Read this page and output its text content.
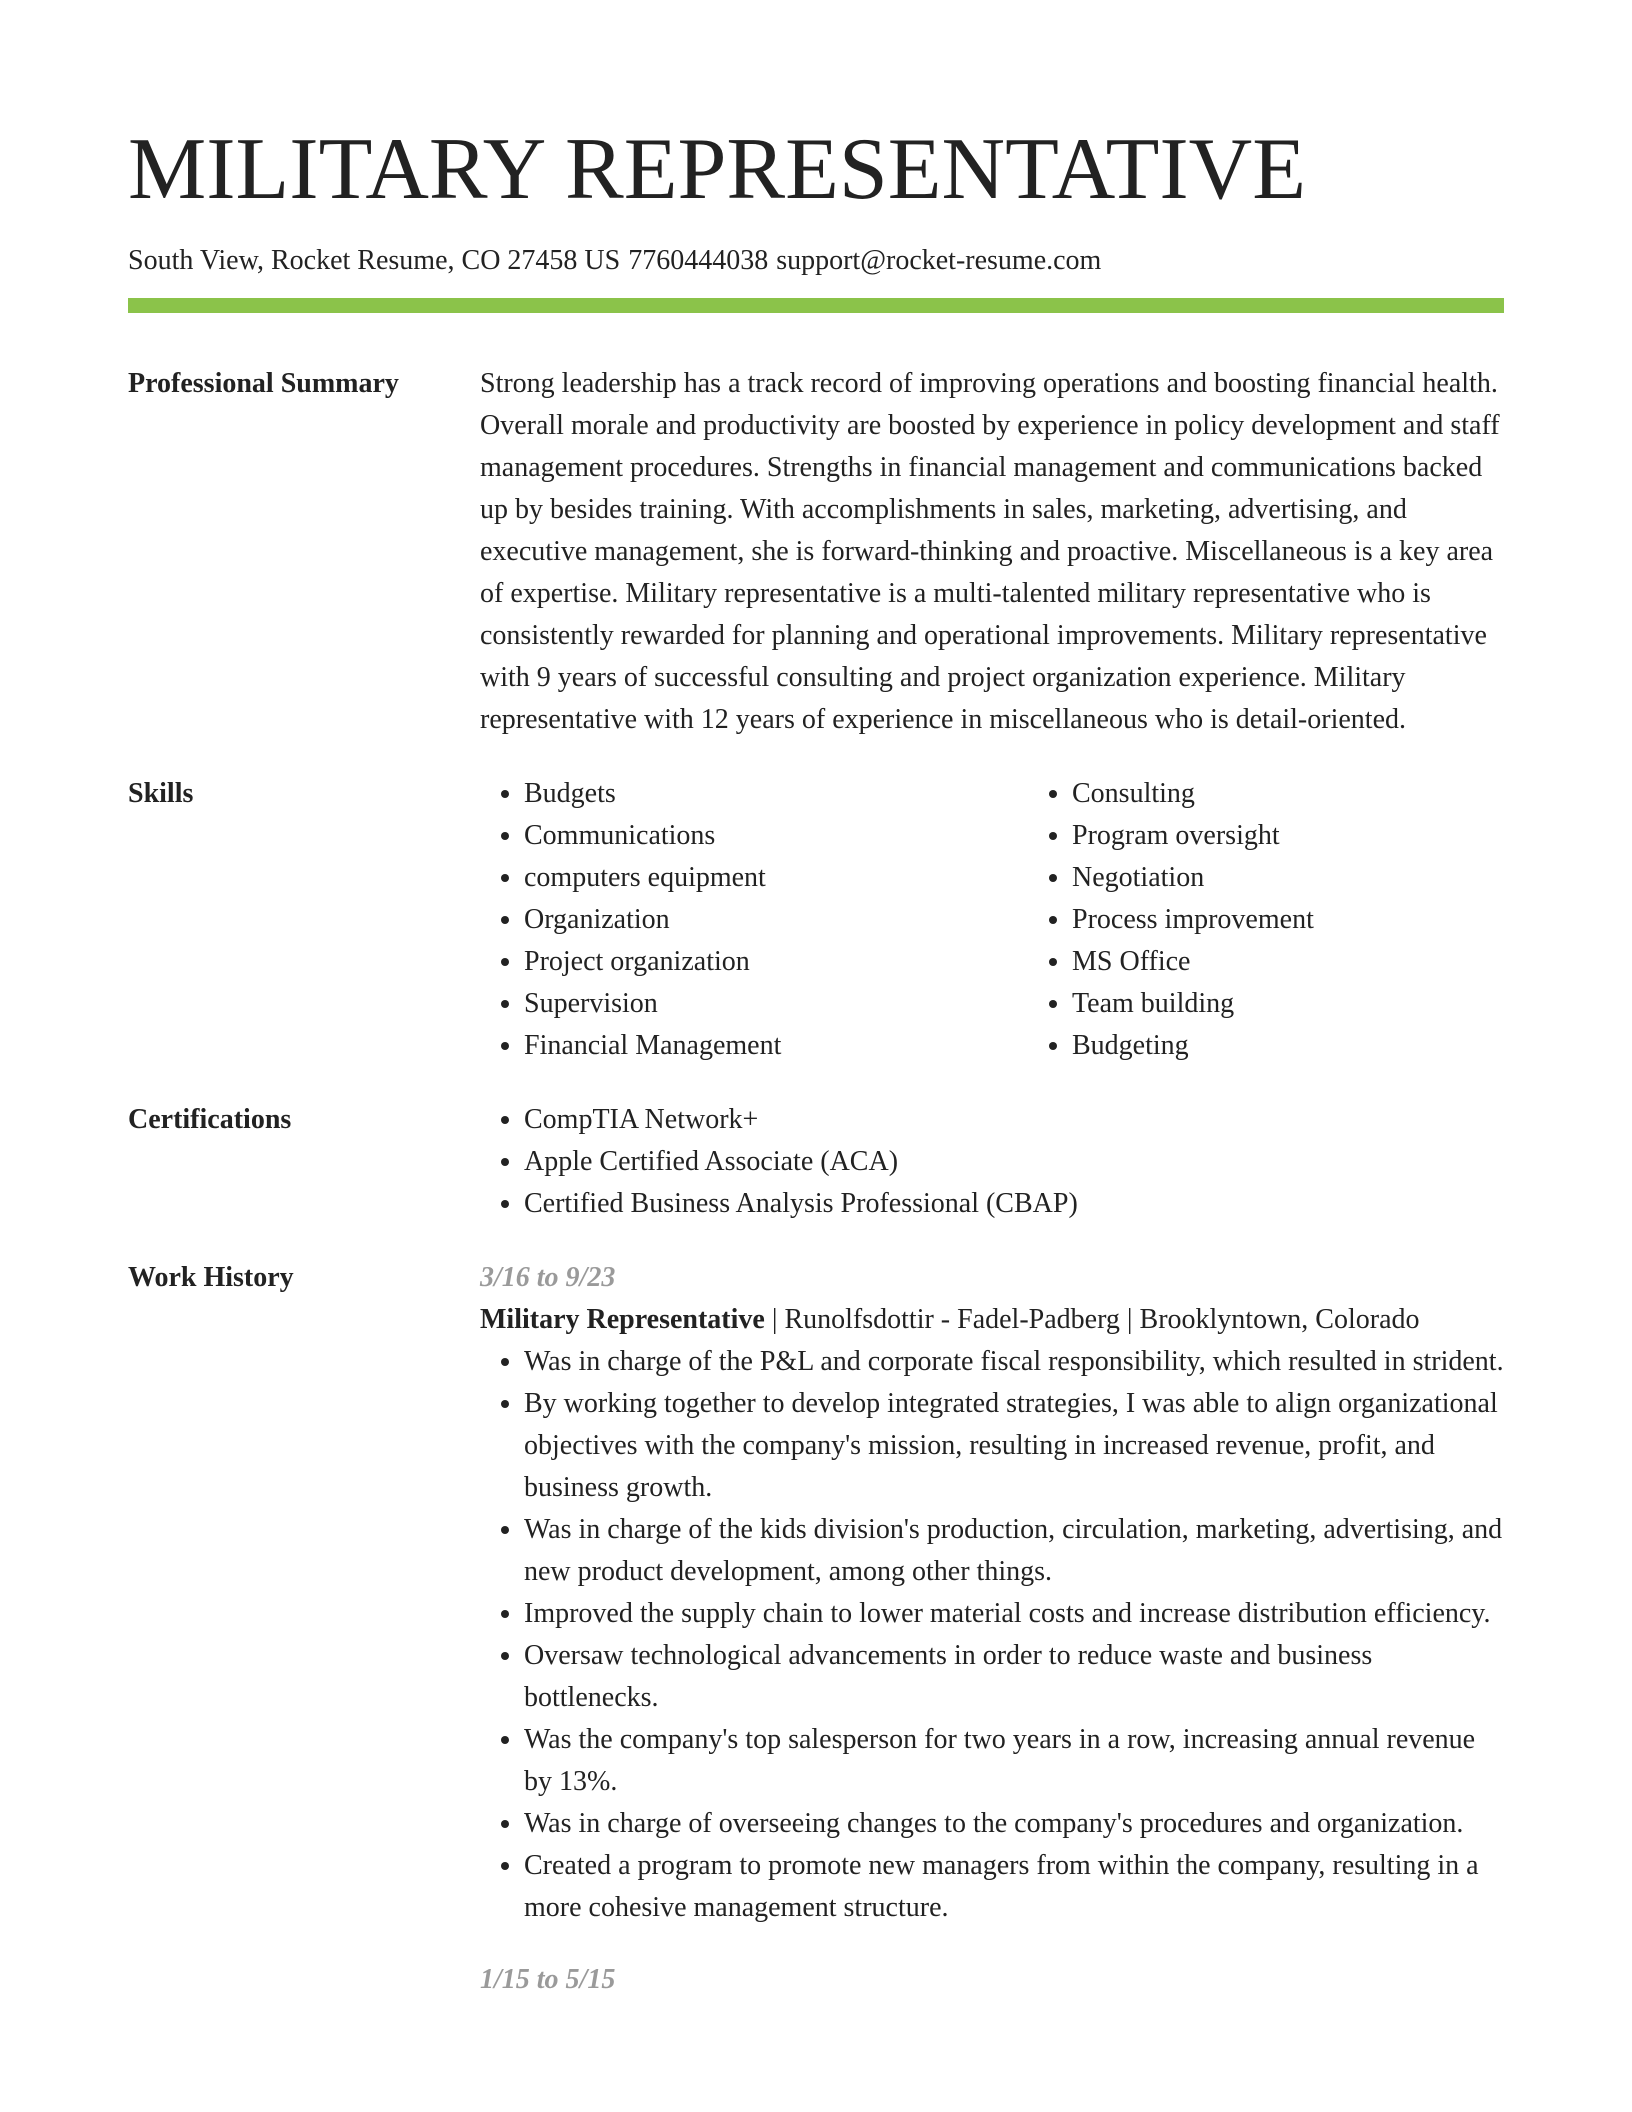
MILITARY REPRESENTATIVE
South View, Rocket Resume, CO 27458 US 7760444038 support@rocket-resume.com
Professional Summary	Strong leadership has a track record of improving operations and boosting financial health. Overall morale and productivity are boosted by experience in policy development and staff management procedures. Strengths in financial management and communications backed up by besides training. With accomplishments in sales, marketing, advertising, and executive management, she is forward-thinking and proactive. Miscellaneous is a key area of expertise. Military representative is a multi-talented military representative who is consistently rewarded for planning and operational improvements. Military representative with 9 years of successful consulting and project organization experience. Military representative with 12 years of experience in miscellaneous who is detail-oriented.

Skills	• Budgets
• Communications
• computers equipment
• Organization
• Project organization
• Supervision
• Financial Management
• Consulting
• Program oversight
• Negotiation
• Process improvement
• MS Office
• Team building
• Budgeting
Certifications	• CompTIA Network+
• Apple Certified Associate (ACA)
• Certified Business Analysis Professional (CBAP)
Work History	3/16 to 9/23
Military Representative | Runolfsdottir - Fadel-Padberg | Brooklyntown, Colorado
• Was in charge of the P&L and corporate fiscal responsibility, which resulted in strident.
• By working together to develop integrated strategies, I was able to align organizational objectives with the company's mission, resulting in increased revenue, profit, and business growth.
• Was in charge of the kids division's production, circulation, marketing, advertising, and new product development, among other things.
• Improved the supply chain to lower material costs and increase distribution efficiency.
• Oversaw technological advancements in order to reduce waste and business bottlenecks.
• Was the company's top salesperson for two years in a row, increasing annual revenue by 13%.
• Was in charge of overseeing changes to the company's procedures and organization.
• Created a program to promote new managers from within the company, resulting in a more cohesive management structure.
1/15 to 5/15
